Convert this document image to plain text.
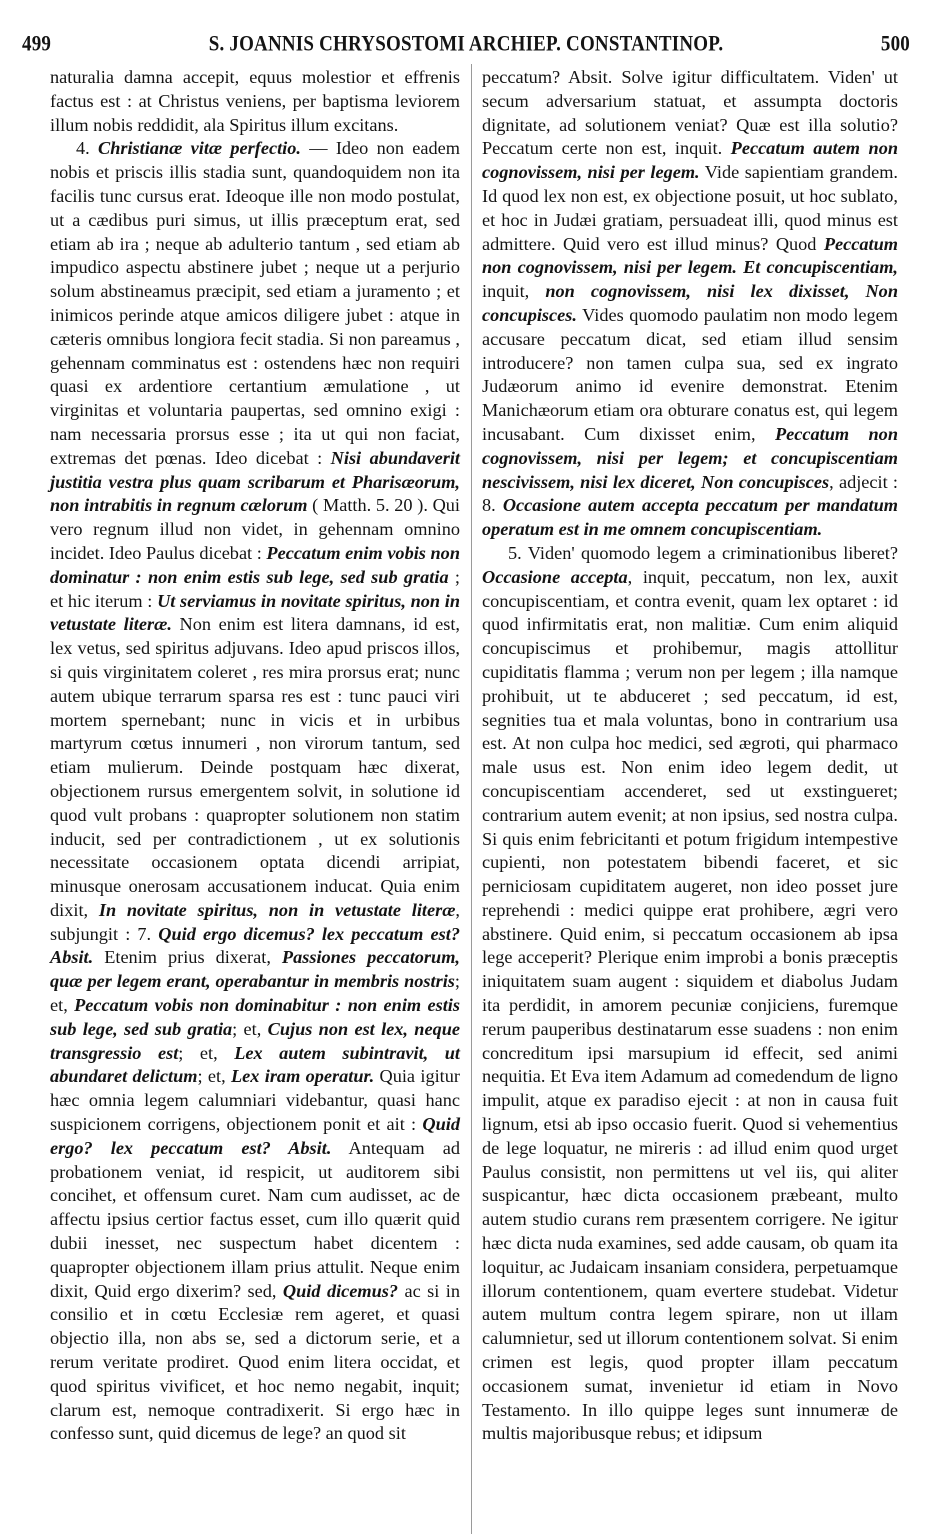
499	S. JOANNIS CHRYSOSTOMI ARCHIEP. CONSTANTINOP.	500

naturalia damna accepit, equus molestior et effrenis factus est : at Christus veniens, per baptisma leviorem illum nobis reddidit, ala Spiritus illum excitans.

4. Christianæ vitæ perfectio. — Ideo non eadem nobis et priscis illis stadia sunt, quandoquidem non ita facilis tunc cursus erat. Ideoque ille non modo postulat, ut a cædibus puri simus, ut illis præceptum erat, sed etiam ab ira ; neque ab adulterio tantum , sed etiam ab impudico aspectu abstinere jubet ; neque ut a perjurio solum abstineamus præcipit, sed etiam a juramento ; et inimicos perinde atque amicos diligere jubet : atque in cæteris omnibus longiora fecit stadia. Si non pareamus , gehennam comminatus est : ostendens hæc non requiri quasi ex ardentiore certantium æmulatione , ut virginitas et voluntaria paupertas, sed omnino exigi : nam necessaria prorsus esse ; ita ut qui non faciat, extremas det pœnas. Ideo dicebat : Nisi abundaverit justitia vestra plus quam scribarum et Pharisæorum, non intrabitis in regnum cælorum ( Matth. 5. 20 ). Qui vero regnum illud non videt, in gehennam omnino incidet. Ideo Paulus dicebat : Peccatum enim vobis non dominatur : non enim estis sub lege, sed sub gratia ; et hic iterum : Ut serviamus in novitate spiritus, non in vetustate literæ. Non enim est litera damnans, id est, lex vetus, sed spiritus adjuvans. Ideo apud priscos illos, si quis virginitatem coleret , res mira prorsus erat; nunc autem ubique terrarum sparsa res est : tunc pauci viri mortem spernebant; nunc in vicis et in urbibus martyrum cœtus innumeri , non virorum tantum, sed etiam mulierum. Deinde postquam hæc dixerat, objectionem rursus emergentem solvit, in solutione id quod vult probans : quapropter solutionem non statim inducit, sed per contradictionem , ut ex solutionis necessitate occasionem optata dicendi arripiat, minusque onerosam accusationem inducat. Quia enim dixit, In novitate spiritus, non in vetustate literæ, subjungit : 7. Quid ergo dicemus? lex peccatum est? Absit. Etenim prius dixerat, Passiones peccatorum, quæ per legem erant, operabantur in membris nostris; et, Peccatum vobis non dominabitur : non enim estis sub lege, sed sub gratia; et, Cujus non est lex, neque transgressio est; et, Lex autem subintravit, ut abundaret delictum; et, Lex iram operatur. Quia igitur hæc omnia legem calumniari videbantur, quasi hanc suspicionem corrigens, objectionem ponit et ait : Quid ergo? lex peccatum est? Absit. Antequam ad probationem veniat, id respicit, ut auditorem sibi concihet, et offensum curet. Nam cum audisset, ac de affectu ipsius certior factus esset, cum illo quærit quid dubii inesset, nec suspectum habet dicentem : quapropter objectionem illam prius attulit. Neque enim dixit, Quid ergo dixerim? sed, Quid dicemus? ac si in consilio et in cœtu Ecclesiæ rem ageret, et quasi objectio illa, non abs se, sed a dictorum serie, et a rerum veritate prodiret. Quod enim litera occidat, et quod spiritus vivificet, et hoc nemo negabit, inquit; clarum est, nemoque contradixerit. Si ergo hæc in confesso sunt, quid dicemus de lege? an quod sit

peccatum? Absit. Solve igitur difficultatem. Viden' ut secum adversarium statuat, et assumpta doctoris dignitate, ad solutionem veniat? Quæ est illa solutio? Peccatum certe non est, inquit. Peccatum autem non cognovissem, nisi per legem. Vide sapientiam grandem. Id quod lex non est, ex objectione posuit, ut hoc sublato, et hoc in Judæi gratiam, persuadeat illi, quod minus est admittere. Quid vero est illud minus? Quod Peccatum non cognovissem, nisi per legem. Et concupiscentiam, inquit, non cognovissem, nisi lex dixisset, Non concupisces. Vides quomodo paulatim non modo legem accusare peccatum dicat, sed etiam illud sensim introducere? non tamen culpa sua, sed ex ingrato Judæorum animo id evenire demonstrat. Etenim Manichæorum etiam ora obturare conatus est, qui legem incusabant. Cum dixisset enim, Peccatum non cognovissem, nisi per legem; et concupiscentiam nescivissem, nisi lex diceret, Non concupisces, adjecit : 8. Occasione autem accepta peccatum per mandatum operatum est in me omnem concupiscentiam.

5. Viden' quomodo legem a criminationibus liberet? Occasione accepta, inquit, peccatum, non lex, auxit concupiscentiam, et contra evenit, quam lex optaret : id quod infirmitatis erat, non malitiæ. Cum enim aliquid concupiscimus et prohibemur, magis attollitur cupiditatis flamma ; verum non per legem ; illa namque prohibuit, ut te abduceret ; sed peccatum, id est, segnities tua et mala voluntas, bono in contrarium usa est. At non culpa hoc medici, sed ægroti, qui pharmaco male usus est. Non enim ideo legem dedit, ut concupiscentiam accenderet, sed ut exstingueret; contrarium autem evenit; at non ipsius, sed nostra culpa. Si quis enim febricitanti et potum frigidum intempestive cupienti, non potestatem bibendi faceret, et sic perniciosam cupiditatem augeret, non ideo posset jure reprehendi : medici quippe erat prohibere, ægri vero abstinere. Quid enim, si peccatum occasionem ab ipsa lege acceperit? Plerique enim improbi a bonis præceptis iniquitatem suam augent : siquidem et diabolus Judam ita perdidit, in amorem pecuniæ conjiciens, furemque rerum pauperibus destinatarum esse suadens : non enim concreditum ipsi marsupium id effecit, sed animi nequitia. Et Eva item Adamum ad comedendum de ligno impulit, atque ex paradiso ejecit : at non in causa fuit lignum, etsi ab ipso occasio fuerit. Quod si vehementius de lege loquatur, ne mireris : ad illud enim quod urget Paulus consistit, non permittens ut vel iis, qui aliter suspicantur, hæc dicta occasionem præbeant, multo autem studio curans rem præsentem corrigere. Ne igitur hæc dicta nuda examines, sed adde causam, ob quam ita loquitur, ac Judaicam insaniam considera, perpetuamque illorum contentionem, quam evertere studebat. Videtur autem multum contra legem spirare, non ut illam calumnietur, sed ut illorum contentionem solvat. Si enim crimen est legis, quod propter illam peccatum occasionem sumat, invenietur id etiam in Novo Testamento. In illo quippe leges sunt innumeræ de multis majoribusque rebus; et idipsum
